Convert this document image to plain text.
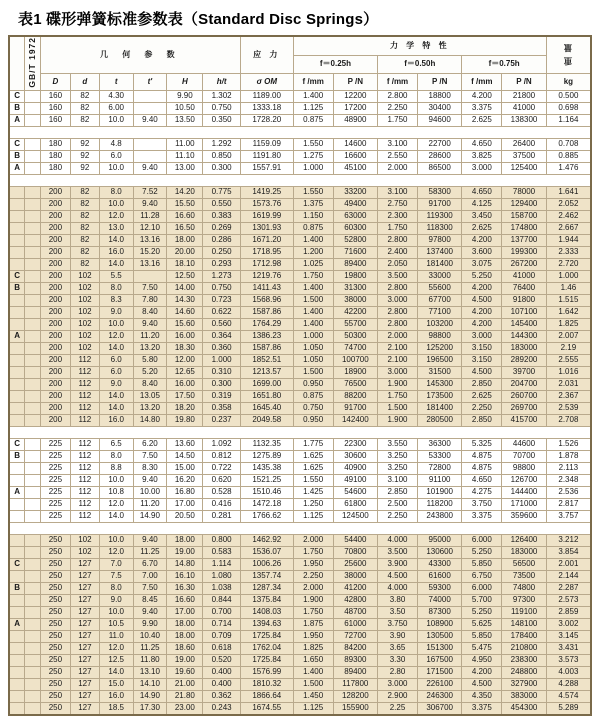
表1 碟形弹簧标准参数表（Standard Disc Springs）
	GB/T 1972	几 何 参 数						应 力	力 学 特 性						重 量
									f＝0.25h		f＝0.50h		f＝0.75h		
		D	d	t	t'	H	h/t	σ OM	f /mm	P /N	f /mm	P /N	f /mm	P /N	kg
C		160	82	4.30		9.90	1.302	1189.00	1.400	12200	2.800	18800	4.200	21800	0.500
B		160	82	6.00		10.50	0.750	1333.18	1.125	17200	2.250	30400	3.375	41000	0.698
A		160	82	10.0	9.40	13.50	0.350	1728.20	0.875	48900	1.750	94600	2.625	138300	1.164

C		180	92	4.8		11.00	1.292	1159.09	1.550	14600	3.100	22700	4.650	26400	0.708
B		180	92	6.0		11.10	0.850	1191.80	1.275	16600	2.550	28600	3.825	37500	0.885
A		180	92	10.0	9.40	13.00	0.300	1557.91	1.000	45100	2.000	86500	3.000	125400	1.476

		200	82	8.0	7.52	14.20	0.775	1419.25	1.550	33200	3.100	58300	4.650	78000	1.641
		200	82	10.0	9.40	15.50	0.550	1573.76	1.375	49400	2.750	91700	4.125	129400	2.052
		200	82	12.0	11.28	16.60	0.383	1619.99	1.150	63000	2.300	119300	3.450	158700	2.462
		200	82	13.0	12.10	16.50	0.269	1301.93	0.875	60300	1.750	118300	2.625	174800	2.667
		200	82	14.0	13.16	18.00	0.286	1671.20	1.400	52800	2.800	97800	4.200	137700	1.944
		200	82	16.0	15.20	20.00	0.250	1718.95	1.200	71600	2.400	137400	3.600	199300	2.333
		200	82	14.0	13.16	18.10	0.293	1712.98	1.025	89400	2.050	181400	3.075	267200	2.720
C		200	102	5.5		12.50	1.273	1219.76	1.750	19800	3.500	33000	5.250	41000	1.000
B		200	102	8.0	7.50	14.00	0.750	1411.43	1.400	31300	2.800	55600	4.200	76400	1.46
		200	102	8.3	7.80	14.30	0.723	1568.96	1.500	38000	3.000	67700	4.500	91800	1.515
		200	102	9.0	8.40	14.60	0.622	1587.86	1.400	42200	2.800	77100	4.200	107100	1.642
		200	102	10.0	9.40	15.60	0.560	1764.29	1.400	55700	2.800	103200	4.200	145400	1.825
A		200	102	12.0	11.20	16.00	0.364	1386.23	1.000	50300	2.000	98800	3.000	144300	2.007
		200	102	14.0	13.20	18.30	0.360	1587.86	1.050	74700	2.100	125200	3.150	183000	2.19
		200	112	6.0	5.80	12.00	1.000	1852.51	1.050	100700	2.100	196500	3.150	289200	2.555
		200	112	6.0	5.20	12.65	0.310	1213.57	1.500	18900	3.000	31500	4.500	39700	1.016
		200	112	9.0	8.40	16.00	0.300	1699.00	0.950	76500	1.900	145300	2.850	204700	2.031
		200	112	14.0	13.05	17.50	0.319	1651.80	0.875	88200	1.750	173500	2.625	260700	2.367
		200	112	14.0	13.20	18.20	0.358	1645.40	0.750	91700	1.500	181400	2.250	269700	2.539
		200	112	16.0	14.80	19.80	0.237	2049.58	0.950	142400	1.900	280500	2.850	415700	2.708

C		225	112	6.5	6.20	13.60	1.092	1132.35	1.775	22300	3.550	36300	5.325	44600	1.526
B		225	112	8.0	7.50	14.50	0.812	1275.89	1.625	30600	3.250	53300	4.875	70700	1.878
		225	112	8.8	8.30	15.00	0.722	1435.38	1.625	40900	3.250	72800	4.875	98800	2.113
		225	112	10.0	9.40	16.20	0.620	1521.25	1.550	49100	3.100	91100	4.650	126700	2.348
A		225	112	10.8	10.00	16.80	0.528	1510.46	1.425	54600	2.850	101900	4.275	144400	2.536
		225	112	12.0	11.20	17.00	0.416	1472.18	1.250	61800	2.500	118200	3.750	171000	2.817
		225	112	14.0	14.90	20.50	0.281	1766.62	1.125	124500	2.250	243800	3.375	359600	3.757

		250	102	10.0	9.40	18.00	0.800	1462.92	2.000	54400	4.000	95000	6.000	126400	3.212
		250	102	12.0	11.25	19.00	0.583	1536.07	1.750	70800	3.500	130600	5.250	183000	3.854
C		250	127	7.0	6.70	14.80	1.114	1006.26	1.950	25600	3.900	43300	5.850	56500	2.001
		250	127	7.5	7.00	16.10	1.080	1357.74	2.250	38000	4.500	61600	6.750	73500	2.144
B		250	127	8.0	7.50	16.30	1.038	1287.34	2.000	41200	4.000	59300	6.000	74800	2.287
		250	127	9.0	8.45	16.60	0.844	1375.84	1.900	42800	3.80	74000	5.700	97300	2.573
		250	127	10.0	9.40	17.00	0.700	1408.03	1.750	48700	3.50	87300	5.250	119100	2.859
A		250	127	10.5	9.90	18.00	0.714	1394.63	1.875	61000	3.750	108900	5.625	148100	3.002
		250	127	11.0	10.40	18.00	0.709	1725.84	1.950	72700	3.90	130500	5.850	178400	3.145
		250	127	12.0	11.25	18.60	0.618	1762.04	1.825	84200	3.65	151300	5.475	210800	3.431
		250	127	12.5	11.80	19.00	0.520	1725.84	1.650	89300	3.30	167500	4.950	238300	3.573
		250	127	14.0	13.10	19.60	0.400	1576.99	1.400	89400	2.80	171500	4.200	248800	4.003
		250	127	15.0	14.10	21.00	0.400	1810.32	1.500	117800	3.000	226100	4.500	327900	4.288
		250	127	16.0	14.90	21.80	0.362	1866.64	1.450	128200	2.900	246300	4.350	383000	4.574
		250	127	18.5	17.30	23.00	0.243	1674.55	1.125	155900	2.25	306700	3.375	454300	5.289
